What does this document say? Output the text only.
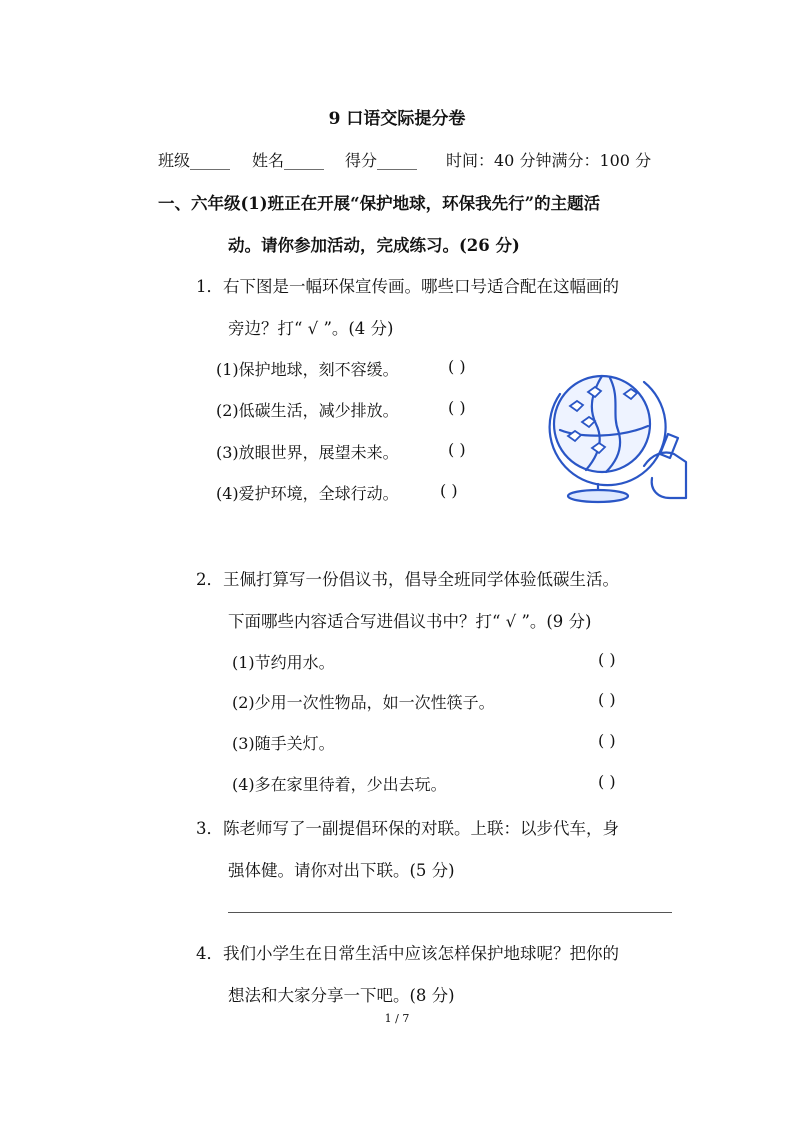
9 口语交际提分卷
班级_____ 姓名_____ 得分_____ 时间：40 分钟满分：100 分
一、六年级(1)班正在开展“保护地球，环保我先行”的主题活
动。请你参加活动，完成练习。(26 分)
1．右下图是一幅环保宣传画。哪些口号适合配在这幅画的
旁边？打“ √ ”。(4 分)
(1)保护地球，刻不容缓。	( )
(2)低碳生活，减少排放。	( )
(3)放眼世界，展望未来。	( )
(4)爱护环境，全球行动。	( )
2．王佩打算写一份倡议书，倡导全班同学体验低碳生活。
下面哪些内容适合写进倡议书中？打“ √ ”。(9 分)
(1)节约用水。	( )
(2)少用一次性物品，如一次性筷子。	( )
(3)随手关灯。	( )
(4)多在家里待着，少出去玩。	( )
3．陈老师写了一副提倡环保的对联。上联：以步代车，身
强体健。请你对出下联。(5 分)
4．我们小学生在日常生活中应该怎样保护地球呢？把你的
想法和大家分享一下吧。(8 分)
1 / 7
